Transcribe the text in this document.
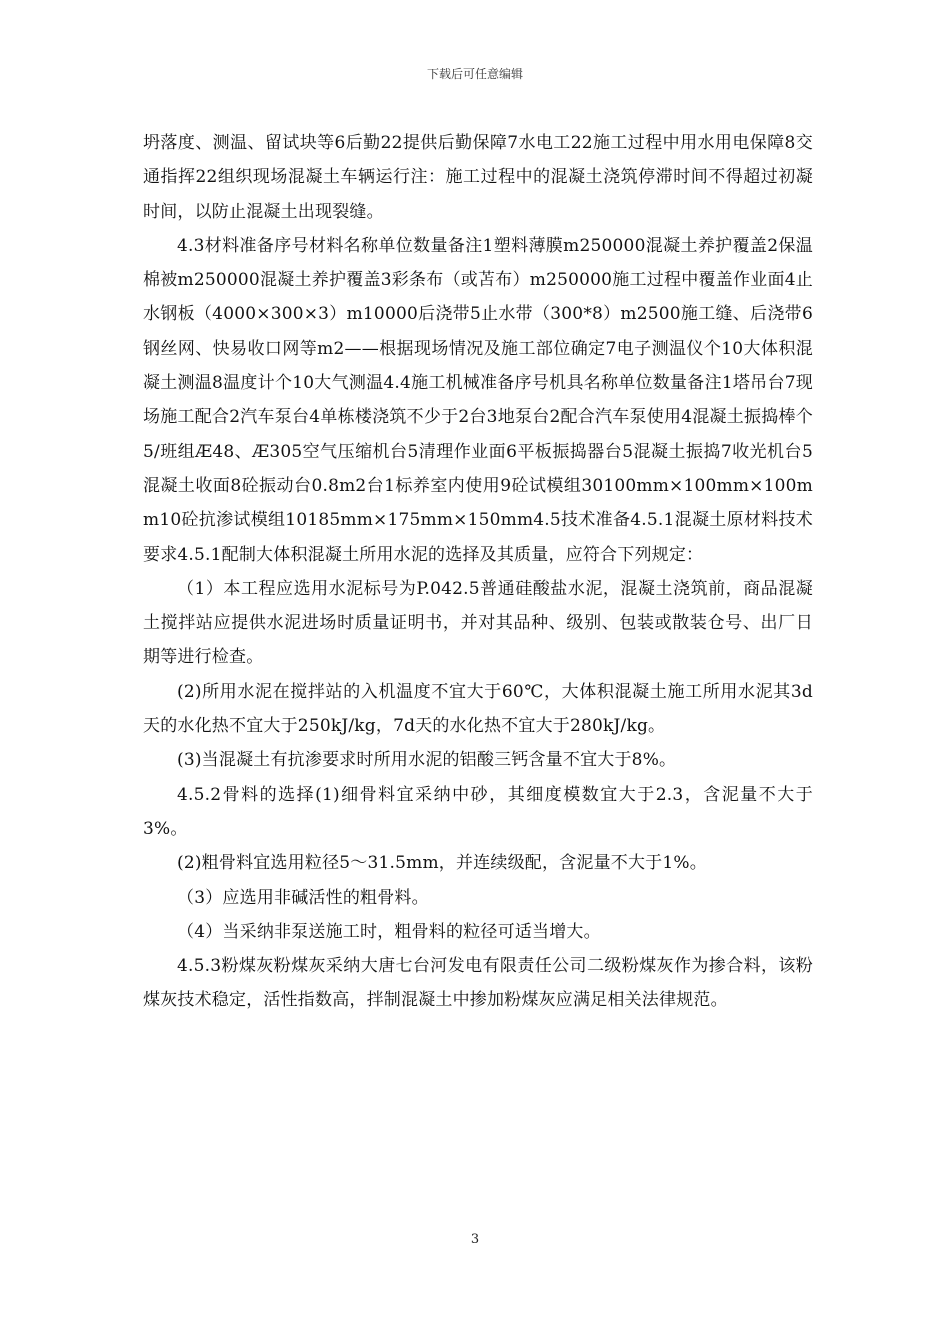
下载后可任意编辑

坍落度、测温、留试块等6后勤22提供后勤保障7水电工22施工过程中用水用电保障8交通指挥22组织现场混凝土车辆运行注：施工过程中的混凝土浇筑停滞时间不得超过初凝时间，以防止混凝土出现裂缝。

4.3材料准备序号材料名称单位数量备注1塑料薄膜m250000混凝土养护覆盖2保温棉被m250000混凝土养护覆盖3彩条布（或苫布）m250000施工过程中覆盖作业面4止水钢板（4000×300×3）m10000后浇带5止水带（300*8）m2500施工缝、后浇带6钢丝网、快易收口网等m2——根据现场情况及施工部位确定7电子测温仪个10大体积混凝土测温8温度计个10大气测温4.4施工机械准备序号机具名称单位数量备注1塔吊台7现场施工配合2汽车泵台4单栋楼浇筑不少于2台3地泵台2配合汽车泵使用4混凝土振捣棒个5/班组Æ48、Æ305空气压缩机台5清理作业面6平板振捣器台5混凝土振捣7收光机台5混凝土收面8砼振动台0.8m2台1标养室内使用9砼试模组30100mm×100mm×100mm10砼抗渗试模组10185mm×175mm×150mm4.5技术准备4.5.1混凝土原材料技术要求4.5.1配制大体积混凝土所用水泥的选择及其质量，应符合下列规定：

（1）本工程应选用水泥标号为P.042.5普通硅酸盐水泥，混凝土浇筑前，商品混凝土搅拌站应提供水泥进场时质量证明书，并对其品种、级别、包装或散装仓号、出厂日期等进行检查。

(2)所用水泥在搅拌站的入机温度不宜大于60℃，大体积混凝土施工所用水泥其3d天的水化热不宜大于250kJ/kg，7d天的水化热不宜大于280kJ/kg。

(3)当混凝土有抗渗要求时所用水泥的铝酸三钙含量不宜大于8%。

4.5.2骨料的选择(1)细骨料宜采纳中砂，其细度模数宜大于2.3，含泥量不大于3%。

(2)粗骨料宜选用粒径5～31.5mm，并连续级配，含泥量不大于1%。

（3）应选用非碱活性的粗骨料。

（4）当采纳非泵送施工时，粗骨料的粒径可适当增大。

4.5.3粉煤灰粉煤灰采纳大唐七台河发电有限责任公司二级粉煤灰作为掺合料，该粉煤灰技术稳定，活性指数高，拌制混凝土中掺加粉煤灰应满足相关法律规范。

3
